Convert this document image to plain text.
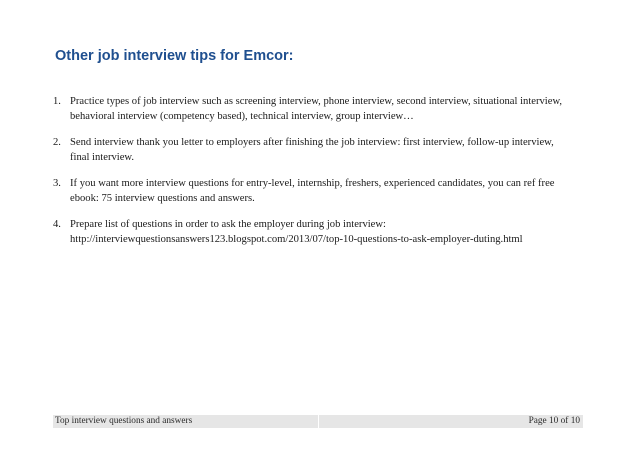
Other job interview tips for Emcor:
1. Practice types of job interview such as screening interview, phone interview, second interview, situational interview,
behavioral interview (competency based), technical interview, group interview…
2. Send interview thank you letter to employers after finishing the job interview: first interview, follow-up interview,
final interview.
3. If you want more interview questions for entry-level, internship, freshers, experienced candidates, you can ref free
ebook: 75 interview questions and answers.
4. Prepare list of questions in order to ask the employer during job interview:
http://interviewquestionsanswers123.blogspot.com/2013/07/top-10-questions-to-ask-employer-duting.html
Top interview questions and answers	Page 10 of 10
